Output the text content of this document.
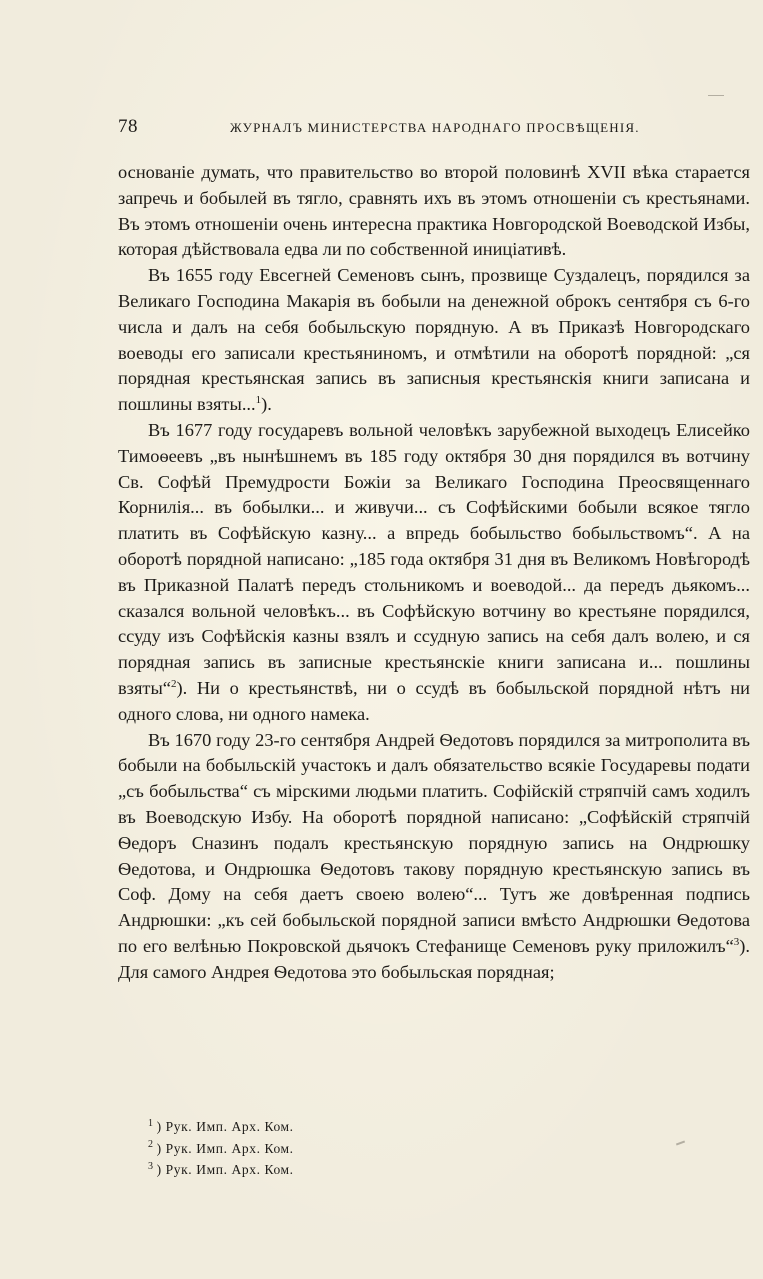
78	ЖУРНАЛЪ МИНИСТЕРСТВА НАРОДНАГО ПРОСВѢЩЕНІЯ.

основаніе думать, что правительство во второй половинѣ XVII вѣка старается запречь и бобылей въ тягло, сравнять ихъ въ этомъ отношеніи съ крестьянами. Въ этомъ отношеніи очень интересна практика Новгородской Воеводской Избы, которая дѣйствовала едва ли по собственной иниціативѣ.

Въ 1655 году Евсегней Семеновъ сынъ, прозвище Суздалецъ, порядился за Великаго Господина Макарія въ бобыли на денежной оброкъ сентября съ 6-го числа и далъ на себя бобыльскую порядную. А въ Приказѣ Новгородскаго воеводы его записали крестьяниномъ, и отмѣтили на оборотѣ порядной: „ся порядная крестьянская запись въ записныя крестьянскія книги записана и пошлины взяты...$^1$).

Въ 1677 году государевъ вольной человѣкъ зарубежной выходецъ Елисейко Тимоѳеевъ „въ нынѣшнемъ въ 185 году октября 30 дня порядился въ вотчину Св. Софѣй Премудрости Божіи за Великаго Господина Преосвященнаго Корнилія... въ бобылки... и живучи... съ Софѣйскими бобыли всякое тягло платить въ Софѣйскую казну... а впредь бобыльство бобыльствомъ“. А на оборотѣ порядной написано: „185 года октября 31 дня въ Великомъ Новѣгородѣ въ Приказной Палатѣ передъ стольникомъ и воеводой... да передъ дьякомъ... сказался вольной человѣкъ... въ Софѣйскую вотчину во крестьяне порядился, ссуду изъ Софѣйскія казны взялъ и ссудную запись на себя далъ волею, и ся порядная запись въ записные крестьянскіе книги записана и... пошлины взяты“$^2$). Ни о крестьянствѣ, ни о ссудѣ въ бобыльской порядной нѣтъ ни одного слова, ни одного намека.

Въ 1670 году 23-го сентября Андрей Ѳедотовъ порядился за митрополита въ бобыли на бобыльскій участокъ и далъ обязательство всякіе Государевы подати „съ бобыльства“ съ мірскими людьми платить. Софійскій стряпчій самъ ходилъ въ Воеводскую Избу. На оборотѣ порядной написано: „Софѣйскій стряпчій Ѳедоръ Сназинъ подалъ крестьянскую порядную запись на Ондрюшку Ѳедотова, и Ондрюшка Ѳедотовъ такову порядную крестьянскую запись въ Соф. Дому на себя даетъ своею волею“... Тутъ же довѣренная подпись Андрюшки: „къ сей бобыльской порядной записи вмѣсто Андрюшки Ѳедотова по его велѣнью Покровской дьячокъ Стефанище Семеновъ руку приложилъ“$^3$). Для самого Андрея Ѳедотова это бобыльская порядная;

$^1$ ) Рук. Имп. Арх. Ком.
$^2$ ) Рук. Имп. Арх. Ком.
$^3$ ) Рук. Имп. Арх. Ком.
